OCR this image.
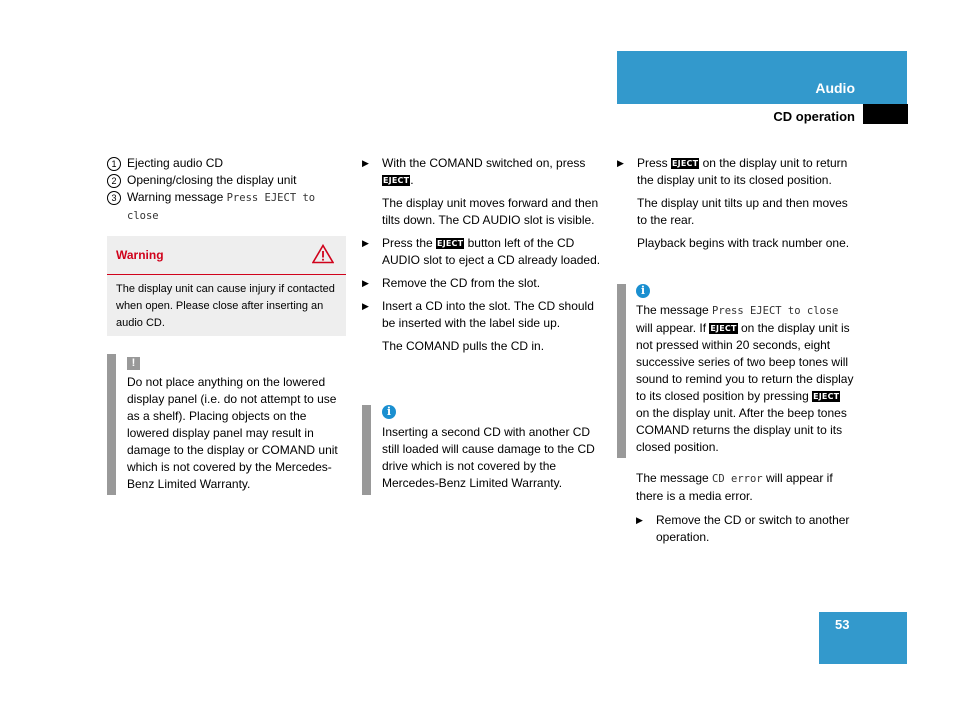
Audio
CD operation
1 Ejecting audio CD
2 Opening/closing the display unit
3 Warning message Press EJECT to close
Warning
The display unit can cause injury if contacted when open. Please close after inserting an audio CD.
!

Do not place anything on the lowered display panel (i.e. do not attempt to use as a shelf). Placing objects on the lowered display panel may result in damage to the display or COMAND unit which is not covered by the Mercedes-Benz Limited Warranty.

▶ With the COMAND switched on, press EJECT.

The display unit moves forward and then tilts down. The CD AUDIO slot is visible.

▶ Press the EJECT button left of the CD AUDIO slot to eject a CD already loaded.
▶ Remove the CD from the slot.
▶ Insert a CD into the slot. The CD should be inserted with the label side up.

The COMAND pulls the CD in.

i

Inserting a second CD with another CD still loaded will cause damage to the CD drive which is not covered by the Mercedes-Benz Limited Warranty.

▶ Press EJECT on the display unit to return the display unit to its closed position.

The display unit tilts up and then moves to the rear.

Playback begins with track number one.

i

The message Press EJECT to close will appear. If EJECT on the display unit is not pressed within 20 seconds, eight successive series of two beep tones will sound to remind you to return the display to its closed position by pressing EJECT on the display unit. After the beep tones COMAND returns the display unit to its closed position.

The message CD error will appear if there is a media error.

▶ Remove the CD or switch to another operation.
53
